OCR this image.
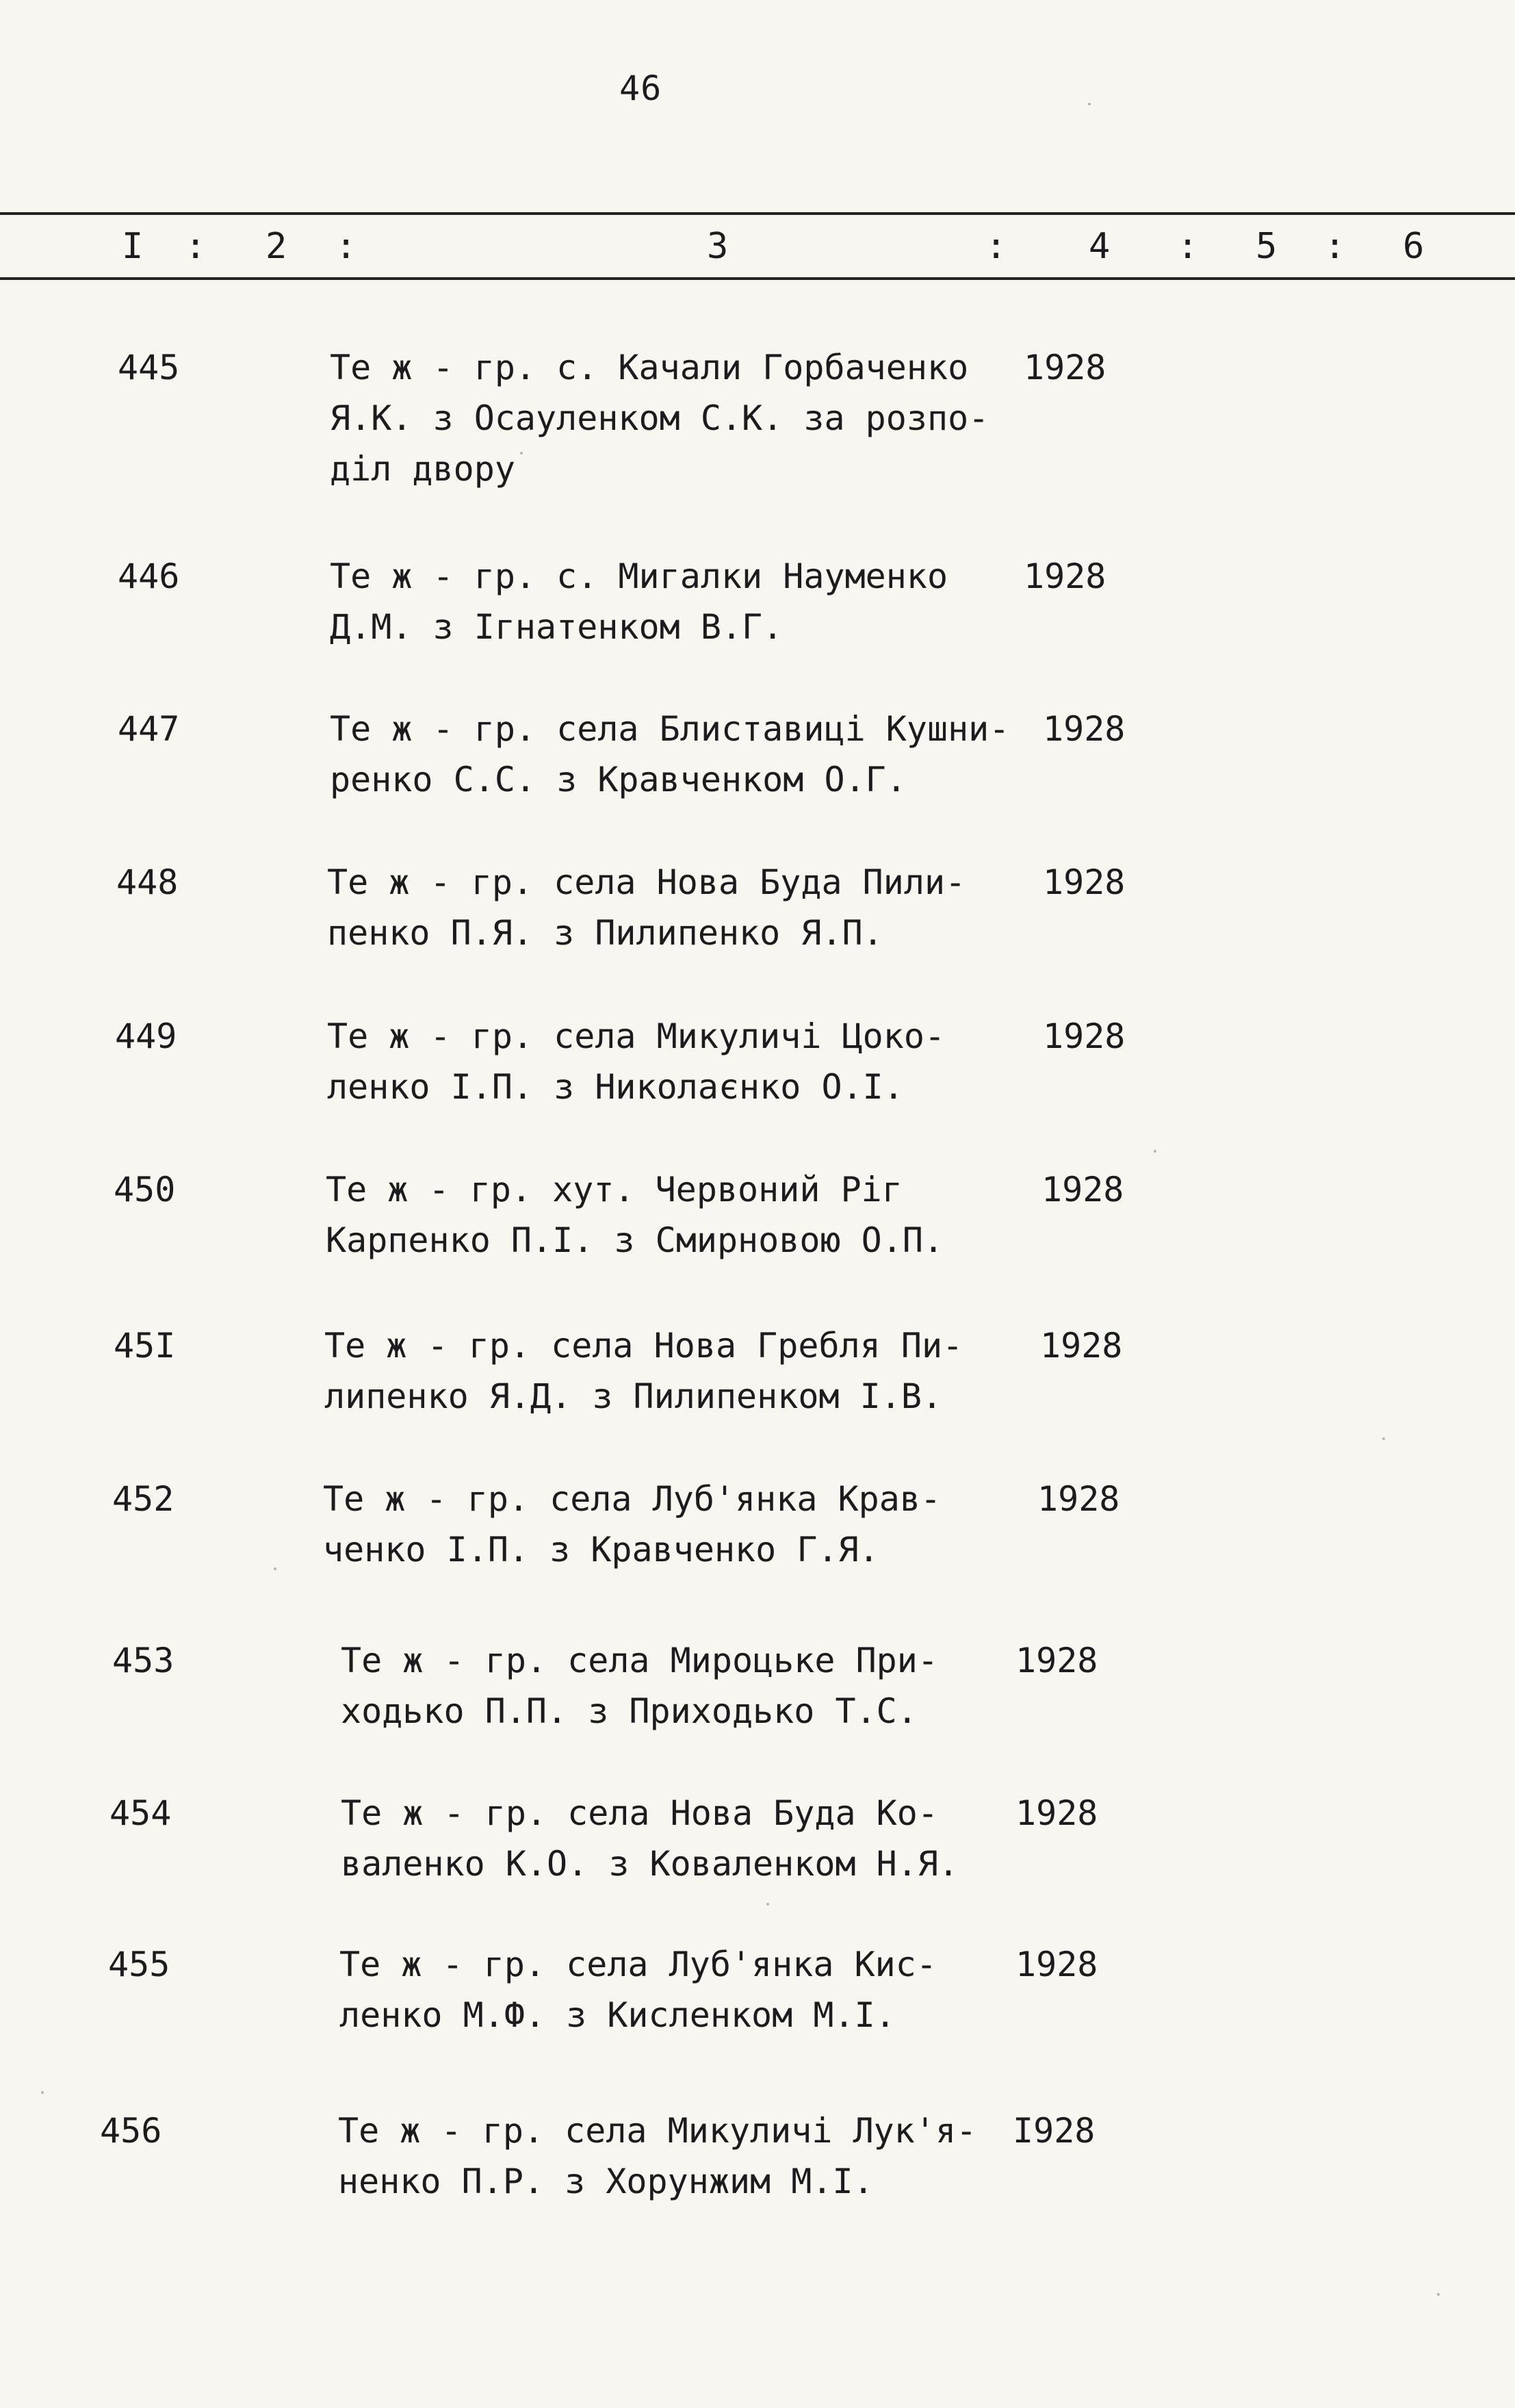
46
I : 2 :	3	: 4 : 5 : 6
445	Те ж - гр. с. Качали Горбаченко
Я.К. з Осауленком С.К. за розпо-
діл двору
1928
446	Те ж - гр. с. Мигалки Науменко
Д.М. з Ігнатенком В.Г.
1928
447	Те ж - гр. села Блиставиці Кушни-
ренко С.С. з Кравченком О.Г.
1928
448	Те ж - гр. села Нова Буда Пили-
пенко П.Я. з Пилипенко Я.П.
1928
449	Те ж - гр. села Микуличі Цоко-
ленко І.П. з Николаєнко О.І.
1928
450	Те ж - гр. хут. Червоний Ріг
Карпенко П.І. з Смирновою О.П.
1928
45I	Те ж - гр. села Нова Гребля Пи-
липенко Я.Д. з Пилипенком І.В.
1928
452	Те ж - гр. села Луб'янка Крав-
ченко І.П. з Кравченко Г.Я.
1928
453	Те ж - гр. села Мироцьке При-
ходько П.П. з Приходько Т.С.
1928
454	Те ж - гр. села Нова Буда Ко-
валенко К.О. з Коваленком Н.Я.
1928
455	Те ж - гр. села Луб'янка Кис-
ленко М.Ф. з Кисленком М.І.
1928
456	Те ж - гр. села Микуличі Лук'я-
ненко П.Р. з Хорунжим М.І.
I928
